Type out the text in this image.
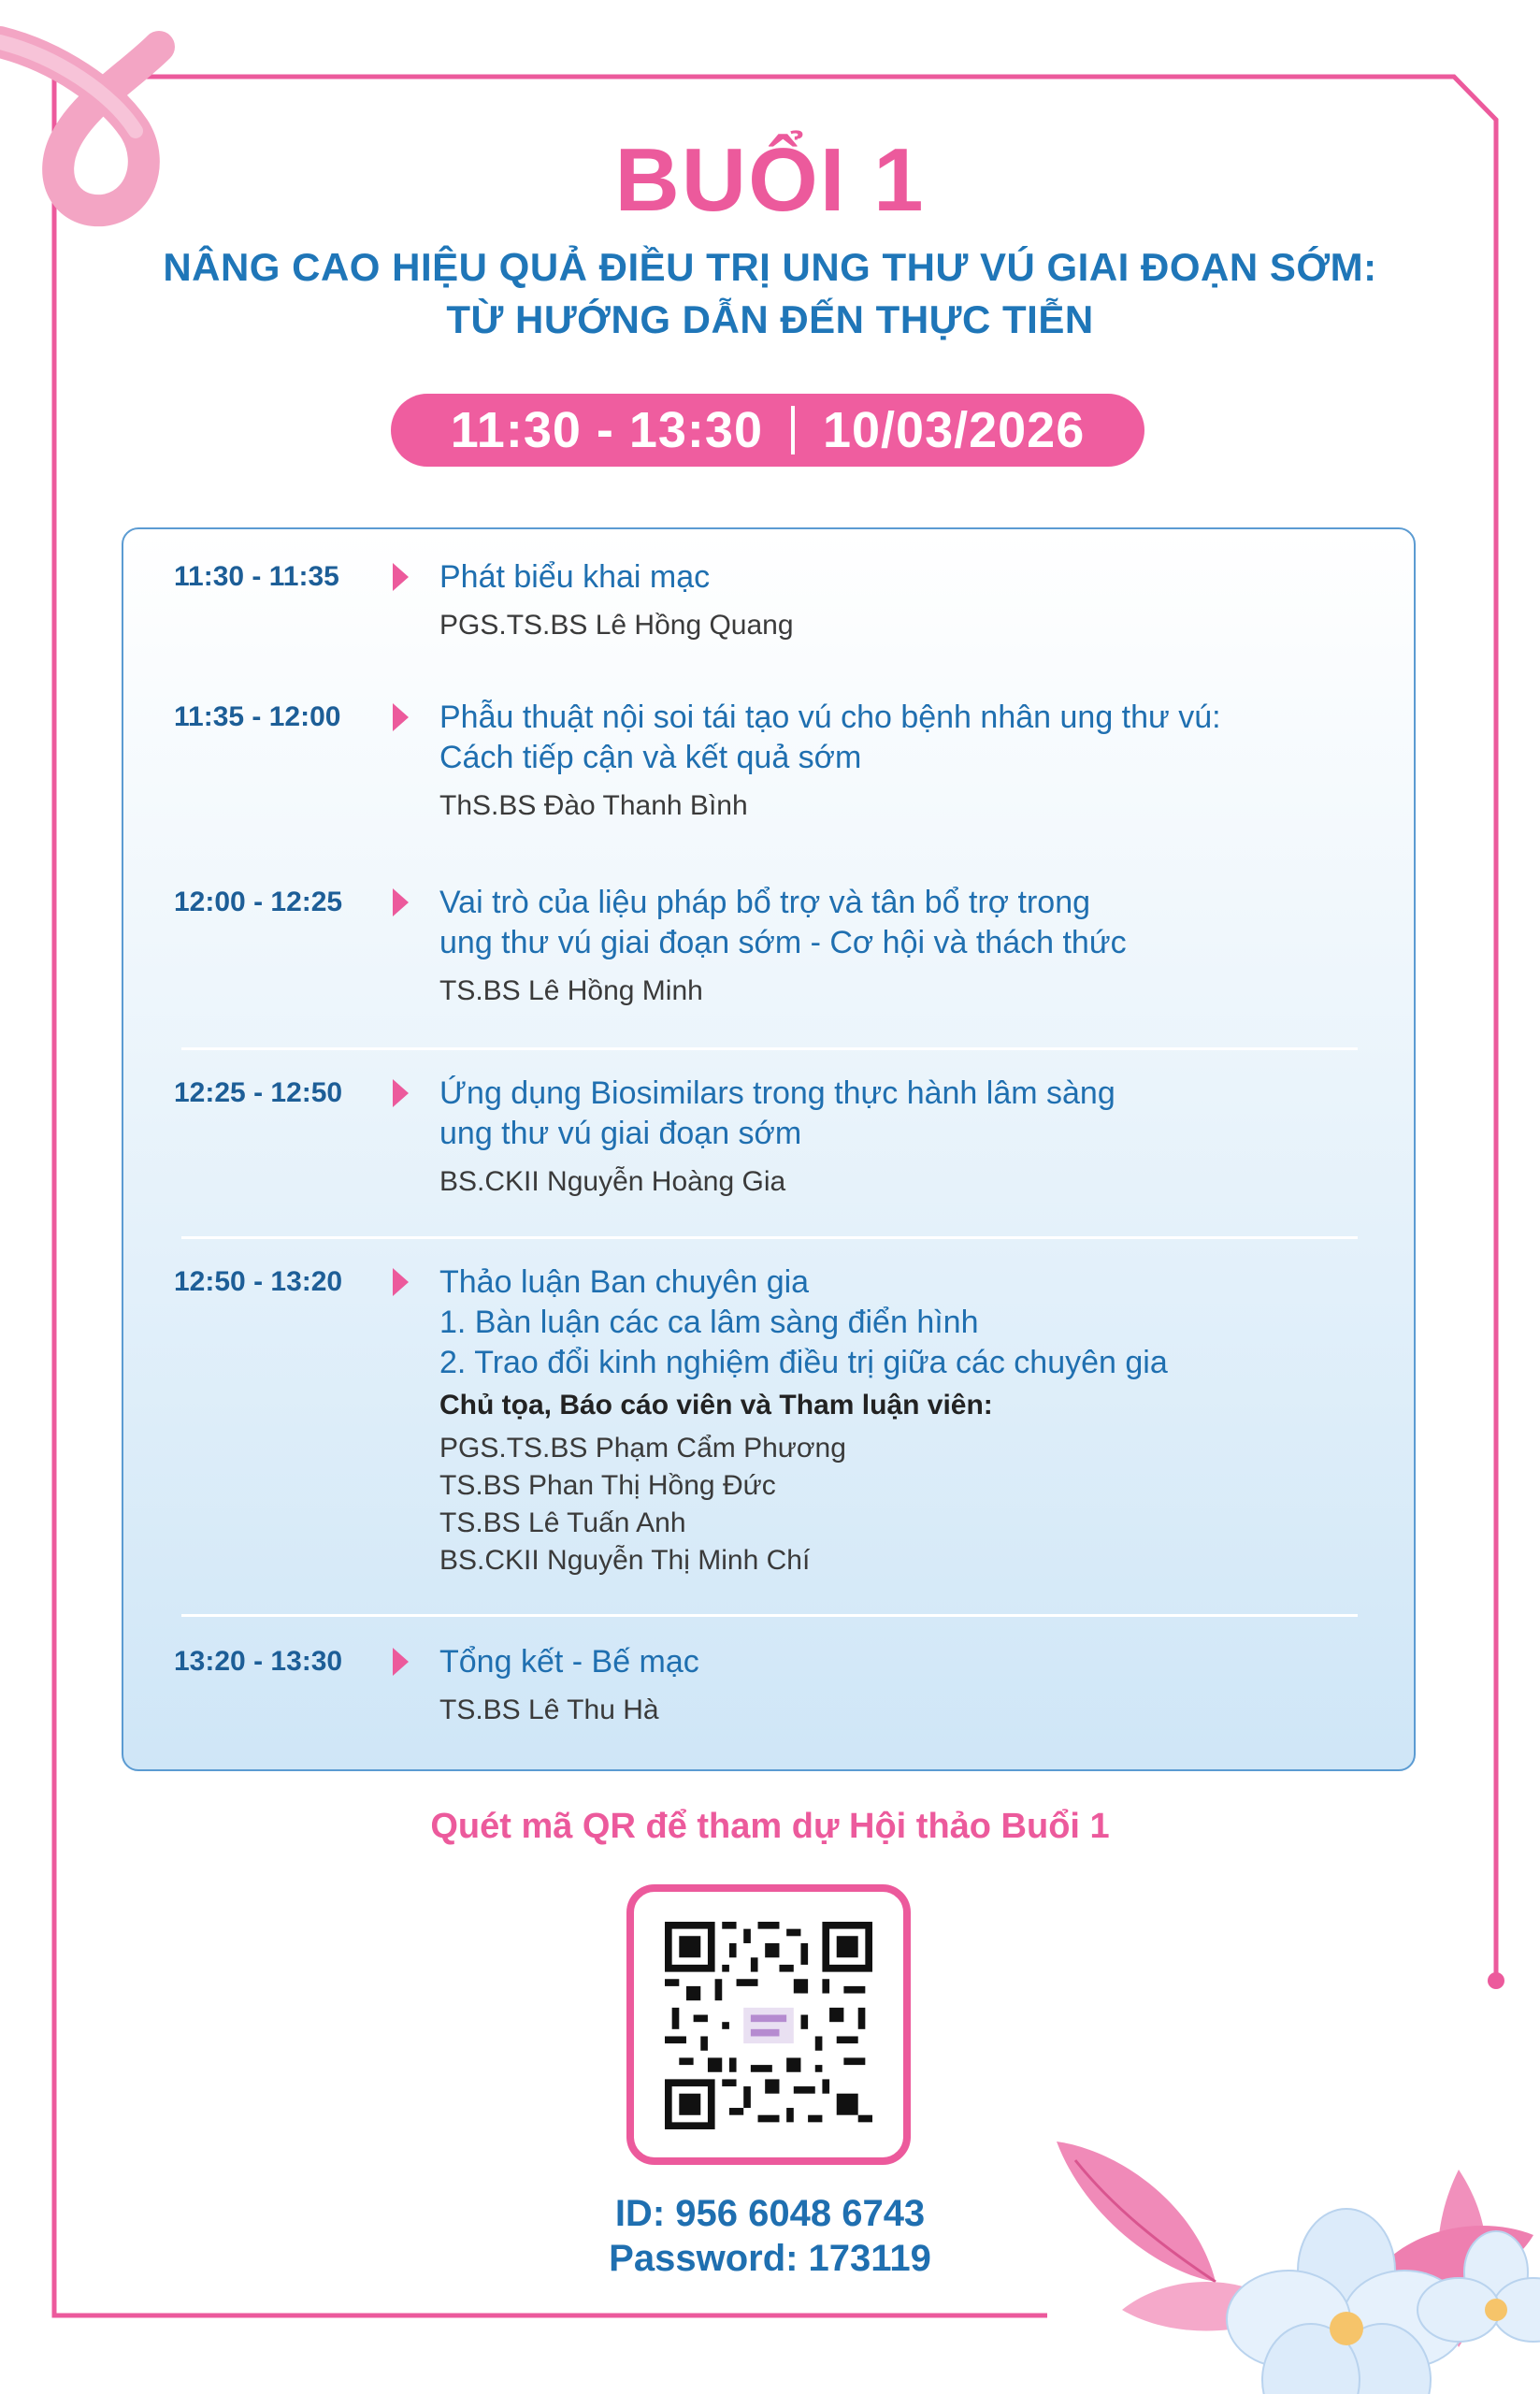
BUỔI 1
NÂNG CAO HIỆU QUẢ ĐIỀU TRỊ UNG THƯ VÚ GIAI ĐOẠN SỚM:
TỪ HƯỚNG DẪN ĐẾN THỰC TIỄN
11:30 - 13:30 10/03/2026
11:30 - 11:35	Phát biểu khai mạc
PGS.TS.BS Lê Hồng Quang
11:35 - 12:00	Phẫu thuật nội soi tái tạo vú cho bệnh nhân ung thư vú:
Cách tiếp cận và kết quả sớm
ThS.BS Đào Thanh Bình
12:00 - 12:25	Vai trò của liệu pháp bổ trợ và tân bổ trợ trong
ung thư vú giai đoạn sớm - Cơ hội và thách thức
TS.BS Lê Hồng Minh
12:25 - 12:50	Ứng dụng Biosimilars trong thực hành lâm sàng
ung thư vú giai đoạn sớm
BS.CKII Nguyễn Hoàng Gia
12:50 - 13:20	Thảo luận Ban chuyên gia
1. Bàn luận các ca lâm sàng điển hình
2. Trao đổi kinh nghiệm điều trị giữa các chuyên gia
Chủ tọa, Báo cáo viên và Tham luận viên:
PGS.TS.BS Phạm Cẩm Phương
TS.BS Phan Thị Hồng Đức
TS.BS Lê Tuấn Anh
BS.CKII Nguyễn Thị Minh Chí
13:20 - 13:30	Tổng kết - Bế mạc
TS.BS Lê Thu Hà
Quét mã QR để tham dự Hội thảo Buổi 1
ID: 956 6048 6743
Password: 173119
